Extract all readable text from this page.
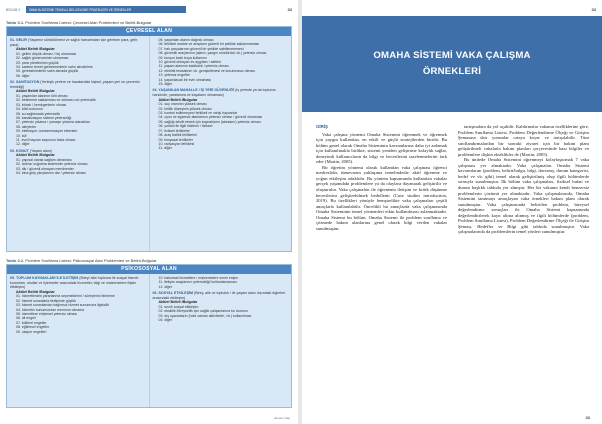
BÖLÜM 3	OMAHA SİSTEMİ TEMELLİ BELGELEME PRATİKLERİ VE ÖRNEKLER	33
Tablo 3.1. Problem Sınıflama Listesi: Çevresel Alan Problemleri ve Belirti-Bulgular
ÇEVRESEL ALAN
01. GELİR (Yaşamın sürdürülmesi ve sağlık harcamaları için gereken para, gelir, para)
Aktüel Belirti /Bulgular
01. gelirin düşük olması / hiç olmaması
02. sağlık güvencesinin olmaması
03. para yönetiminin güçlük
04. sadece temel gereksinimlerin satın alınabilme
05. gereksinimlerini satın almada güçlük
06. diğer
02. SANİTASYON (Yerleşik yerlere ve havalardaki kişisel, yaşam yeri ve çevrenin temizliği)
Aktüel Belirti /Bulgular
01. yaşanılan alanının kirli olması
02. beslenme saklanması ve dolması ndı yetersizlik
03. böcek / kemirgenlerin olması
04. kötü kokunun
05. su sağlamada yetersizlik
06. kanalizasyon sistemi yetersizliği
07. yetersiz yıkama / çamaşır yıkama olanakları
08. alerjenler
09. infeksiyon -kontaminasyon etkenleri
10. küf
11. evcil hayvan sayısının fazla olması
12. diğer
03. KONUT (Yaşam alanı)
Aktüel Belirti /Bulgular
01. yapısal olarak sağlam olmaması
02. ısıtma/ soğutma sisteminin yetersiz olması
03. dik / güvenli olmayan merdivenler
04. bina giriş çıkışlarının dar / yetersiz olması
05. yaşanılan alanın dağınık olması
06. tehlikeli madde ve araçların güvenli bir şekilde saklanmaması
07. halı parçalarının güvenli bir şekilde sabitlenmemesi
08. güvenlik araçlarının (alarm, yangın söndürücü vb.) yetersiz olması
09. kurşun bazlı boya kullanımı
10. güvenli olmayan ev aygıtları / aletleri
11. yaşam alanının kalabalık / yetersiz olması
12. elektrik tesisatının vb. genişletilmesi ve korunmasız olması
13. yetersiz engeller
14. yaşanılacak bir evin olmaması
15. diğer
04. YAŞANILAN MAHALLE / İŞ YERİ GÜVENLİĞİ (İş yerinde ya da topluma haricinde, yaralanma ve kayaların olmaması)
Aktüel Belirti /Bulgular
01. suç oranının yüksek olması
02. kirlilik düzeyinin yüksek olması
03. kontrol edilemeyen/ tehlikeli ve vahşi hayvanlar
04. oyun ve egzersiz alanlarının yetersiz olması / güvenli olmaması
05. sağlığı tehdit etmek için kaynakların (alanların) yetersiz olması
06. yoldan ile ilgili risklerin / fiziksel
07. fiziksel tehlikeler
08. araç trafikli tehlikeleri
09. kimyasal tehlikeler
10. radyasyon tehlikesi
11. diğer
Tablo 3.2. Problem Sınıflama Listesi: Psikososyal Alan Problemleri ve Belirti-Bulgular
PSİKOSOSYAL ALAN
05. TOPLUM KAYNAKLARI İLE İLETİŞİM (Birey/ aile/ topluma ile sosyal hizmet kurumları, okullar ve işletmeler arasındaki hizmetler, bilgi ve malzemelere ilişkin etkileşim)
Aktüel Belirti /Bulgular
01. hizmetlerden yararlanma seçeneklerini / süreçlerini bilmeme
02. hizmet sunanlarla iletişimde güçlük
03. hizmet sunanlardan bağımsız hizmet sunumuna ilgisizlik
04. hizmetin sunumundan memnun olmama
05. hizmetlere erişimsel yetersiz olması
06. dil engeli
07. kültürel engeller
08. eğitimsel engeller
09. ulaşım engelleri
10. bakımsal hizmetlere / malzemelere sınırlı erişim
11. iletişim araçlarının yetersizliği/ kullanılamaması
12. diğer
06. SOSYAL ETKİLEŞİM (Birey, aile ve topluluk / ile yaşam alanı dışındaki diğerleri arasındaki etkileşim)
Aktüel Belirti /Bulgular
01. sınırlı sosyal etkileşim
02. eksiklik /bireysellik için sağlık çalışanlarına bu durumu
03. dış uyaranların (hobi zaman aktiviteleri, vb.) kullanılması
04. diğer
devamı bilgi
33
OMAHA SİSTEMİ VAKA ÇALIŞMA
ÖRNEKLERİ
GİRİŞ

Vaka çalışma yöntemi Omaha Sistemini öğrenmek ve öğretmek için yaygın kullanılan, en etkili ve güçlü stratejilerden biridir. Bu bölüm genel olarak Omaha Sisteminin kavramlarına daha iyi anlamak için kullanılmakla birlikte, sistemi yeniden geliştirme kolaylık sağlar, deneyimli kullanıcıların da bilgi ve becerilerini tazelenmelerini fark eder (Martin, 2005).

Bir öğretim yöntemi olarak kullanılan vaka çalışması öğrenci merkezlidir, tümevarım yaklaşıma temelindedir; aktif öğrenme ve yoğun etkileşim odaklıdır. Bu yöntem kapsamında kullanılan vakalar gerçek yaşamdaki problemlere ya da olaylara dayanarak geliştirilir ve oluşturulur. Vaka çalışmaları ile öğrenenin iletişim ve kritik düşünme becerilerini geliştirebilmek hedeflenir (Case studies introduction, 2019). Bu özellikleri yönüyle hemşirelikte vaka çalışmaları çeşitli amaçlarla kullanılabilir. Öncelikli bu amaçlarda vaka çalışmasında Omaha Sisteminin temel yöntemleri etkin kullanılması aslanmaktadır. Omaha Sistemi bu bölüm, Omaha Sistemi ile problem sınıflama ve çözmede bakım alanlarına genel olarak bilgi verilen vakalar sunulmuştur.

tartışmalara da yol açabilir. Kaldırmalar vakanın özelliklerine göre, Problem Sınıflama Listesi, Problem Değerlendirme Ölçeği ve Girişim Şemasına dair yorumlar ortaya koyar ve tartışılabilir. Tüm sınıflandırmalardan bir sonraki ziyaret için bir bakım planı geliştirilmeli vakalarla bakım planları çerçevesinde bazı bilgiler ve problemlere ilişkin eksiklikler de (Martin, 2005).

Bu ünitede Omaha Sistemini öğrenmeyi kolaylaştırmak 7 vaka çalışması yer almaktadır. Vaka çalışmaları Omaha Sistemi kavramlarını (problem, belirti/bulgu, bilgi, davranış, durum kategorisi, hedef ve vb. gibi) temel alarak geliştirilmiş olup ilgili bölümlerde sırasıyla sunulmuştur. İlk bölüm vaka çalışmaları, fiziksel bulan ve durum başlıklı tabloda yer almıştır. Her bir vakanın kendi benzersiz problemlerin çözümü yer almaktadır. Vaka çalışmalarında, Omaha Sistemini tanıtmayı amaçlayan vaka örnekleri bakım planı olarak sunulmuştur. Vaka çalışmasında belirtilen problem, bireysel değerlendirme sonuçları ile Omaha Sistemi kapsamında değerlendirilerek kayıt altına alınmış ve ilgili bölümlerde (problem, Problem Sınıflama Listesi), Problem Değerlendirme Ölçeği ile Girişim Şeması, Hedefler ve Bilgi gibi tabloda sunulmuştur. Vaka çalışmalarında da problemlerin temel yönleri sunulmuştur.

33
